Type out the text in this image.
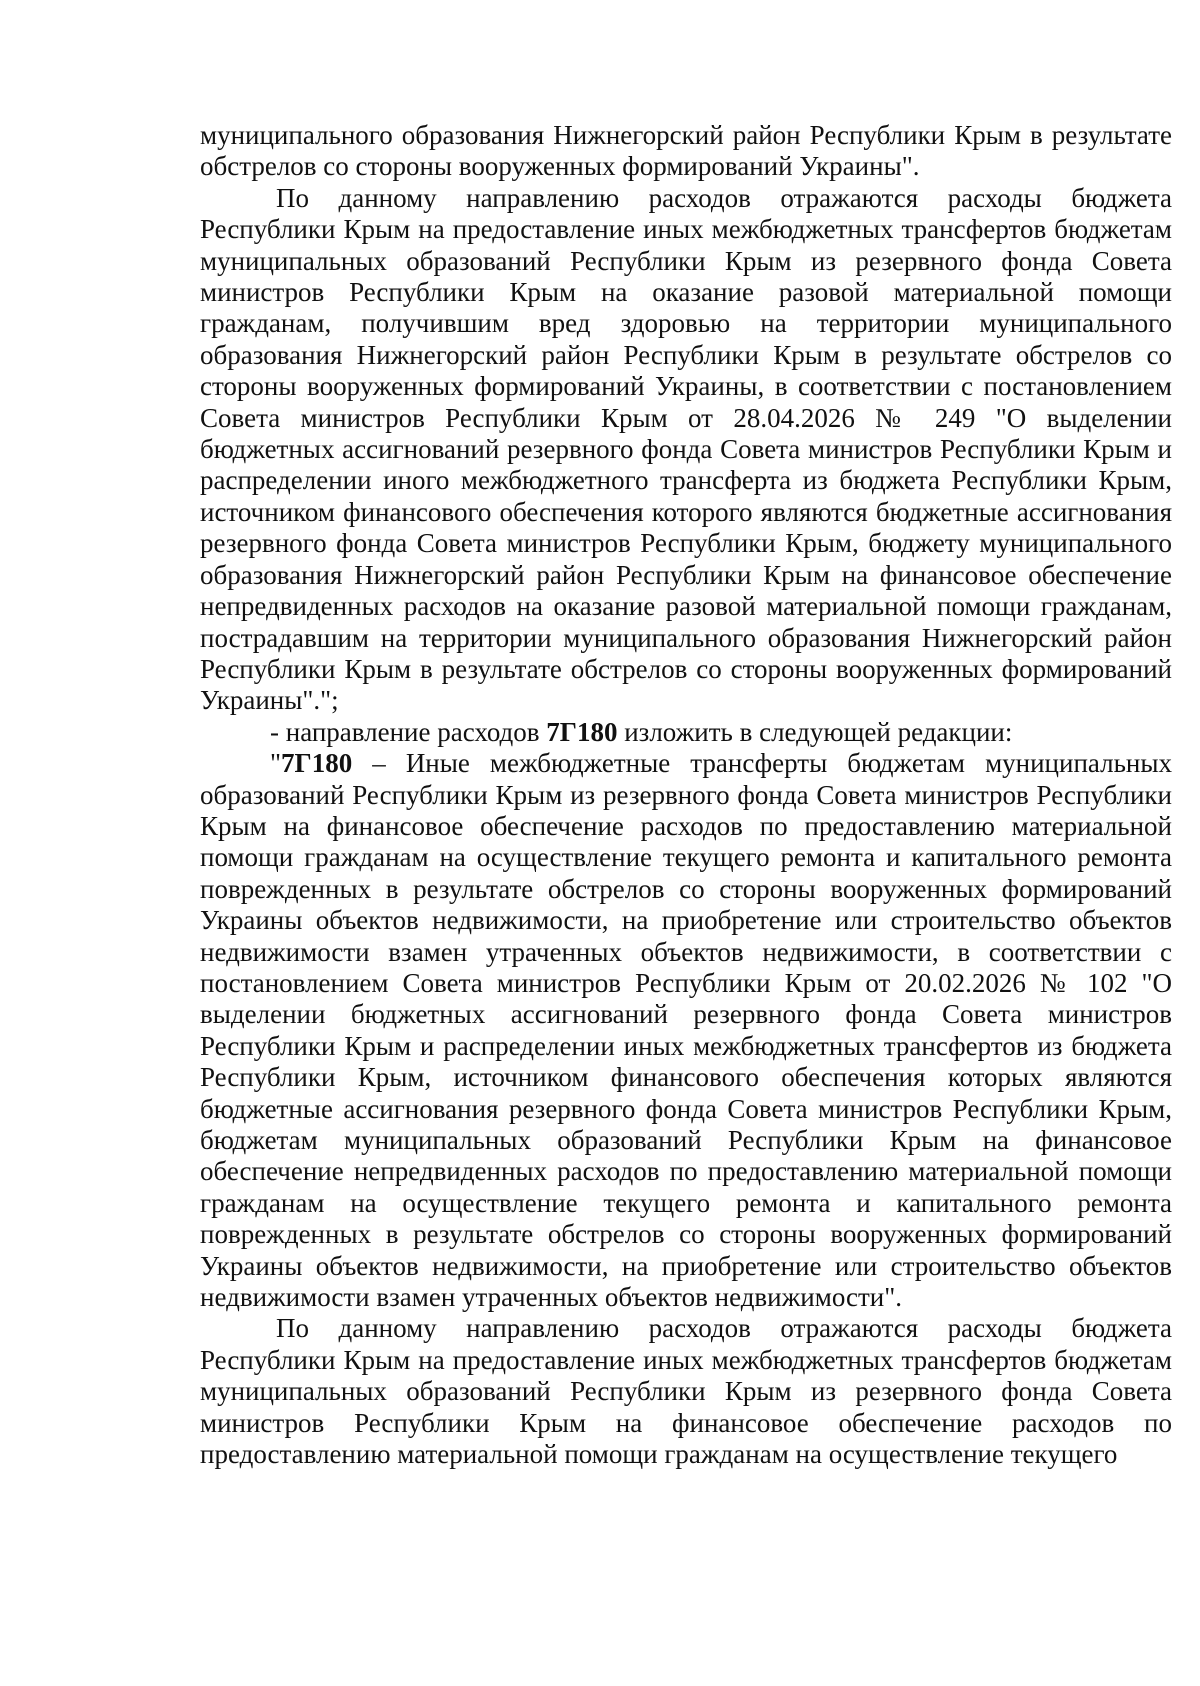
муниципального образования Нижнегорский район Республики Крым в результате обстрелов со стороны вооруженных формирований Украины".

По данному направлению расходов отражаются расходы бюджета Республики Крым на предоставление иных межбюджетных трансфертов бюджетам муниципальных образований Республики Крым из резервного фонда Совета министров Республики Крым на оказание разовой материальной помощи гражданам, получившим вред здоровью на территории муниципального образования Нижнегорский район Республики Крым в результате обстрелов со стороны вооруженных формирований Украины, в соответствии с постановлением Совета министров Республики Крым от 28.04.2026 № 249 "О выделении бюджетных ассигнований резервного фонда Совета министров Республики Крым и распределении иного межбюджетного трансферта из бюджета Республики Крым, источником финансового обеспечения которого являются бюджетные ассигнования резервного фонда Совета министров Республики Крым, бюджету муниципального образования Нижнегорский район Республики Крым на финансовое обеспечение непредвиденных расходов на оказание разовой материальной помощи гражданам, пострадавшим на территории муниципального образования Нижнегорский район Республики Крым в результате обстрелов со стороны вооруженных формирований Украины".";

- направление расходов 7Г180 изложить в следующей редакции:

"7Г180 – Иные межбюджетные трансферты бюджетам муниципальных образований Республики Крым из резервного фонда Совета министров Республики Крым на финансовое обеспечение расходов по предоставлению материальной помощи гражданам на осуществление текущего ремонта и капитального ремонта поврежденных в результате обстрелов со стороны вооруженных формирований Украины объектов недвижимости, на приобретение или строительство объектов недвижимости взамен утраченных объектов недвижимости, в соответствии с постановлением Совета министров Республики Крым от 20.02.2026 № 102 "О выделении бюджетных ассигнований резервного фонда Совета министров Республики Крым и распределении иных межбюджетных трансфертов из бюджета Республики Крым, источником финансового обеспечения которых являются бюджетные ассигнования резервного фонда Совета министров Республики Крым, бюджетам муниципальных образований Республики Крым на финансовое обеспечение непредвиденных расходов по предоставлению материальной помощи гражданам на осуществление текущего ремонта и капитального ремонта поврежденных в результате обстрелов со стороны вооруженных формирований Украины объектов недвижимости, на приобретение или строительство объектов недвижимости взамен утраченных объектов недвижимости".

По данному направлению расходов отражаются расходы бюджета Республики Крым на предоставление иных межбюджетных трансфертов бюджетам муниципальных образований Республики Крым из резервного фонда Совета министров Республики Крым на финансовое обеспечение расходов по предоставлению материальной помощи гражданам на осуществление текущего
